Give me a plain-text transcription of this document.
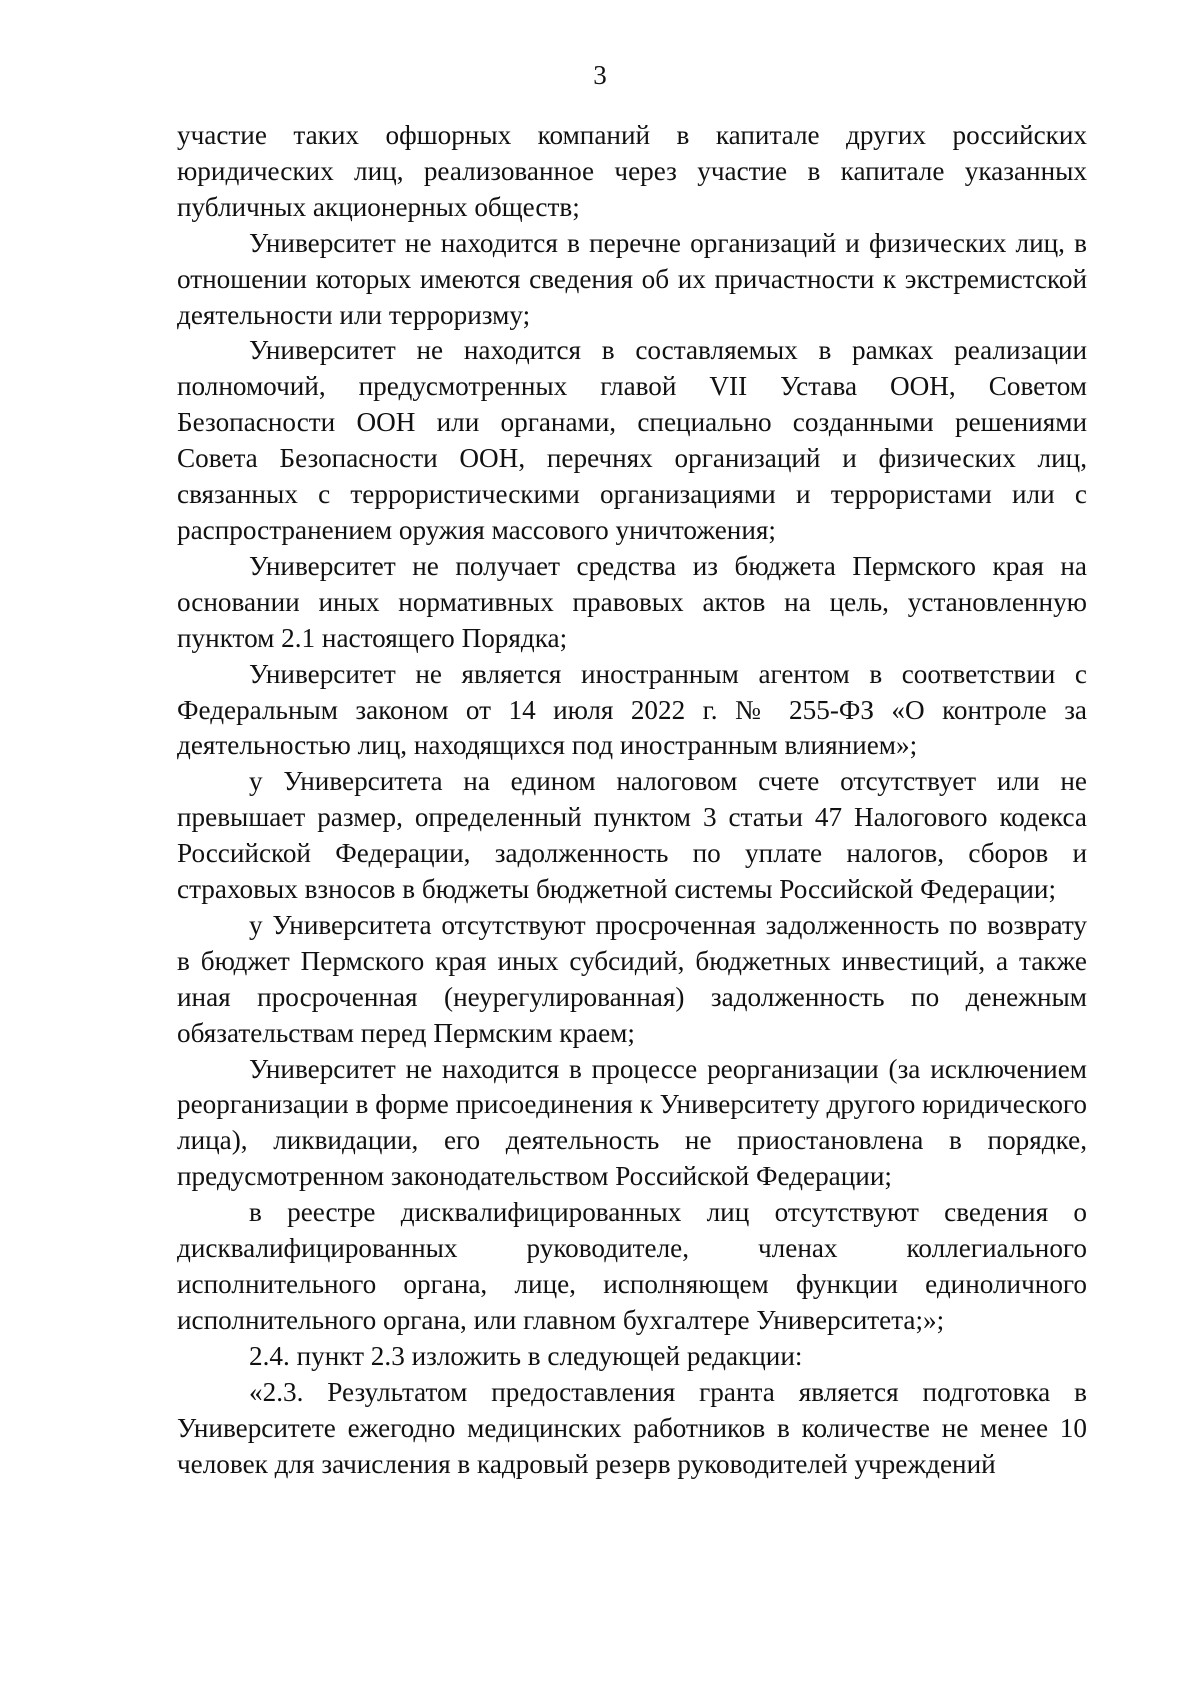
3

участие таких офшорных компаний в капитале других российских юридических лиц, реализованное через участие в капитале указанных публичных акционерных обществ;

Университет не находится в перечне организаций и физических лиц, в отношении которых имеются сведения об их причастности к экстремистской деятельности или терроризму;

Университет не находится в составляемых в рамках реализации полномочий, предусмотренных главой VII Устава ООН, Советом Безопасности ООН или органами, специально созданными решениями Совета Безопасности ООН, перечнях организаций и физических лиц, связанных с террористическими организациями и террористами или с распространением оружия массового уничтожения;

Университет не получает средства из бюджета Пермского края на основании иных нормативных правовых актов на цель, установленную пунктом 2.1 настоящего Порядка;

Университет не является иностранным агентом в соответствии с Федеральным законом от 14 июля 2022 г. № 255-ФЗ «О контроле за деятельностью лиц, находящихся под иностранным влиянием»;

у Университета на едином налоговом счете отсутствует или не превышает размер, определенный пунктом 3 статьи 47 Налогового кодекса Российской Федерации, задолженность по уплате налогов, сборов и страховых взносов в бюджеты бюджетной системы Российской Федерации;

у Университета отсутствуют просроченная задолженность по возврату в бюджет Пермского края иных субсидий, бюджетных инвестиций, а также иная просроченная (неурегулированная) задолженность по денежным обязательствам перед Пермским краем;

Университет не находится в процессе реорганизации (за исключением реорганизации в форме присоединения к Университету другого юридического лица), ликвидации, его деятельность не приостановлена в порядке, предусмотренном законодательством Российской Федерации;

в реестре дисквалифицированных лиц отсутствуют сведения о дисквалифицированных руководителе, членах коллегиального исполнительного органа, лице, исполняющем функции единоличного исполнительного органа, или главном бухгалтере Университета;»;

2.4. пункт 2.3 изложить в следующей редакции:

«2.3. Результатом предоставления гранта является подготовка в Университете ежегодно медицинских работников в количестве не менее 10 человек для зачисления в кадровый резерв руководителей учреждений
